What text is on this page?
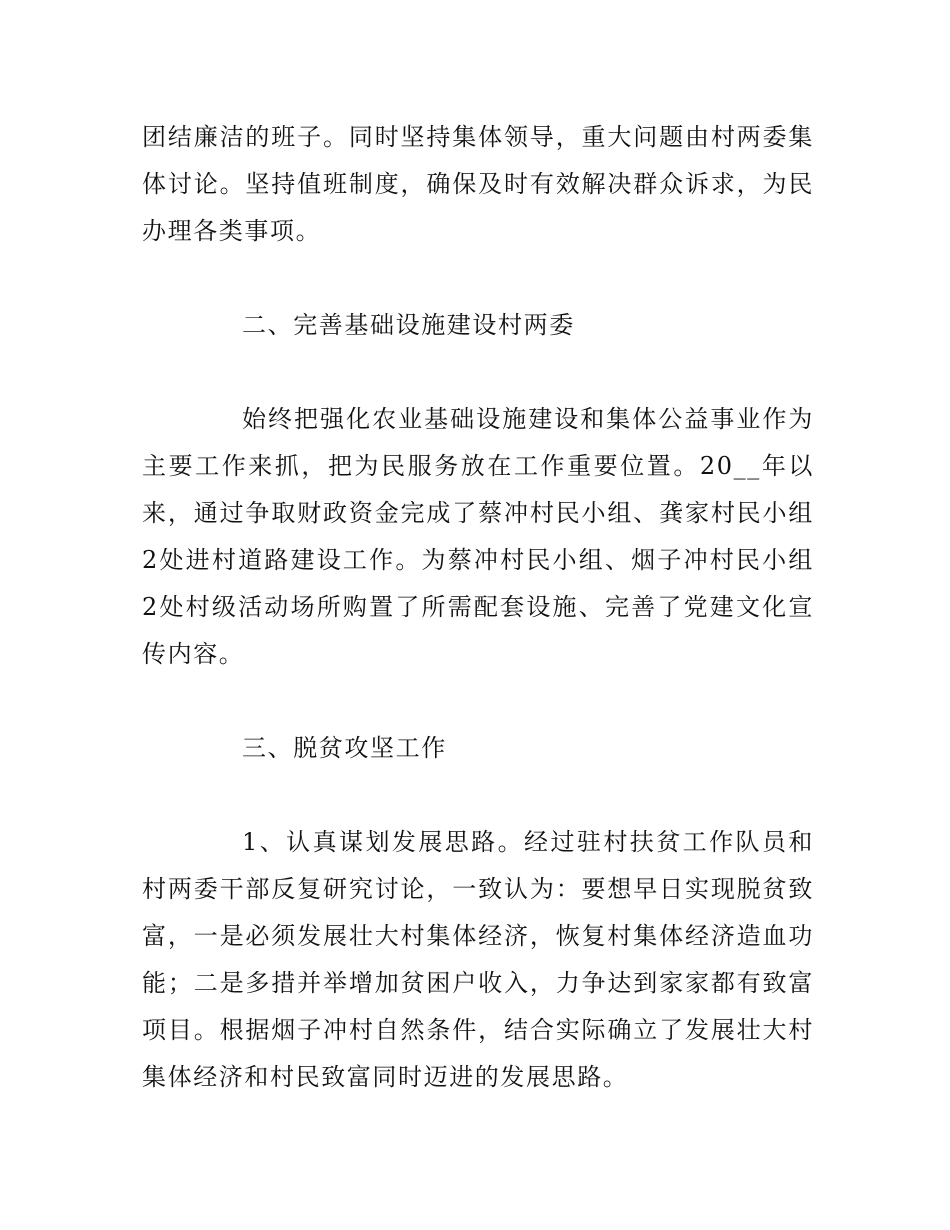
团结廉洁的班子。同时坚持集体领导，重大问题由村两委集体讨论。坚持值班制度，确保及时有效解决群众诉求，为民办理各类事项。

二、完善基础设施建设村两委

始终把强化农业基础设施建设和集体公益事业作为主要工作来抓，把为民服务放在工作重要位置。20__年以来，通过争取财政资金完成了蔡冲村民小组、龚家村民小组2处进村道路建设工作。为蔡冲村民小组、烟子冲村民小组2处村级活动场所购置了所需配套设施、完善了党建文化宣传内容。

三、脱贫攻坚工作

1、认真谋划发展思路。经过驻村扶贫工作队员和村两委干部反复研究讨论，一致认为：要想早日实现脱贫致富，一是必须发展壮大村集体经济，恢复村集体经济造血功能；二是多措并举增加贫困户收入，力争达到家家都有致富项目。根据烟子冲村自然条件，结合实际确立了发展壮大村集体经济和村民致富同时迈进的发展思路。
